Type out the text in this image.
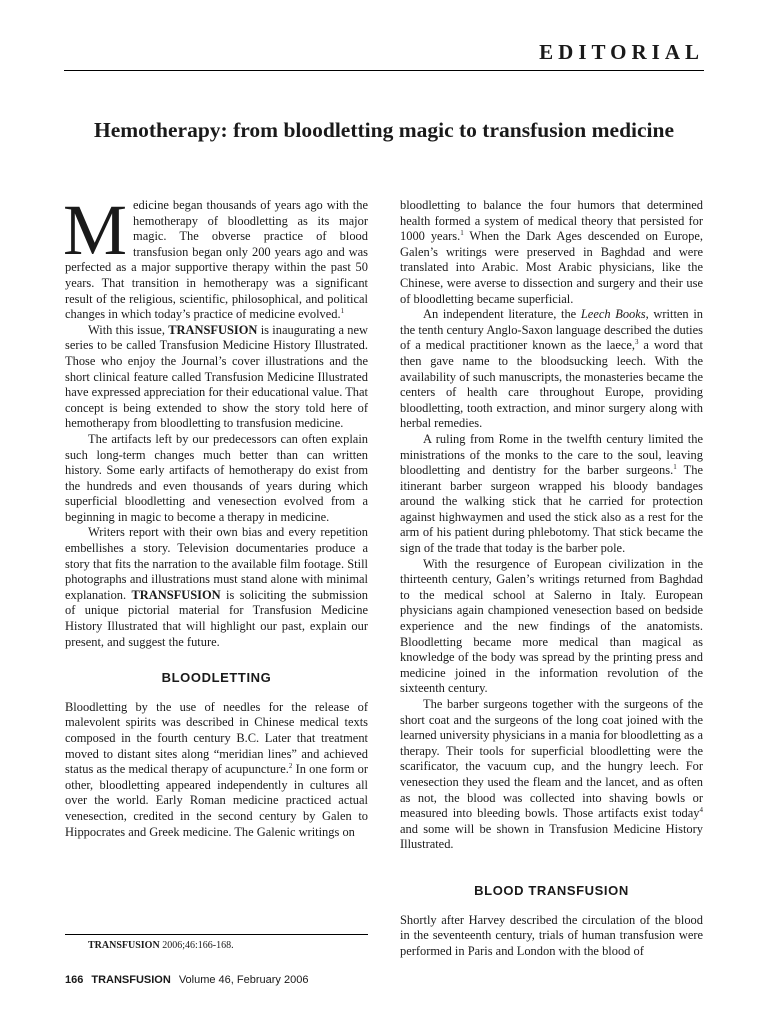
EDITORIAL
Hemotherapy: from bloodletting magic to transfusion medicine

Medicine began thousands of years ago with the hemotherapy of bloodletting as its major magic. The obverse practice of blood transfusion began only 200 years ago and was perfected as a major supportive therapy within the past 50 years. That transition in hemotherapy was a significant result of the religious, scientific, philosophical, and political changes in which today’s practice of medicine evolved.$^1$

With this issue, TRANSFUSION is inaugurating a new series to be called Transfusion Medicine History Illustrated. Those who enjoy the Journal’s cover illustrations and the short clinical feature called Transfusion Medicine Illustrated have expressed appreciation for their educational value. That concept is being extended to show the story told here of hemotherapy from bloodletting to transfusion medicine.

The artifacts left by our predecessors can often explain such long-term changes much better than can written history. Some early artifacts of hemotherapy do exist from the hundreds and even thousands of years during which superficial bloodletting and venesection evolved from a beginning in magic to become a therapy in medicine.

Writers report with their own bias and every repetition embellishes a story. Television documentaries produce a story that fits the narration to the available film footage. Still photographs and illustrations must stand alone with minimal explanation. TRANSFUSION is soliciting the submission of unique pictorial material for Transfusion Medicine History Illustrated that will highlight our past, explain our present, and suggest the future.

BLOODLETTING

Bloodletting by the use of needles for the release of malevolent spirits was described in Chinese medical texts composed in the fourth century B.C. Later that treatment moved to distant sites along “meridian lines” and achieved status as the medical therapy of acupuncture.$^2$ In one form or other, bloodletting appeared independently in cultures all over the world. Early Roman medicine practiced actual venesection, credited in the second century by Galen to Hippocrates and Greek medicine. The Galenic writings on

bloodletting to balance the four humors that determined health formed a system of medical theory that persisted for 1000 years.$^1$ When the Dark Ages descended on Europe, Galen’s writings were preserved in Baghdad and were translated into Arabic. Most Arabic physicians, like the Chinese, were averse to dissection and surgery and their use of bloodletting became superficial.

An independent literature, the Leech Books, written in the tenth century Anglo-Saxon language described the duties of a medical practitioner known as the laece,$^3$ a word that then gave name to the bloodsucking leech. With the availability of such manuscripts, the monasteries became the centers of health care throughout Europe, providing bloodletting, tooth extraction, and minor surgery along with herbal remedies.

A ruling from Rome in the twelfth century limited the ministrations of the monks to the care to the soul, leaving bloodletting and dentistry for the barber surgeons.$^1$ The itinerant barber surgeon wrapped his bloody bandages around the walking stick that he carried for protection against highwaymen and used the stick also as a rest for the arm of his patient during phlebotomy. That stick became the sign of the trade that today is the barber pole.

With the resurgence of European civilization in the thirteenth century, Galen’s writings returned from Baghdad to the medical school at Salerno in Italy. European physicians again championed venesection based on bedside experience and the new findings of the anatomists. Bloodletting became more medical than magical as knowledge of the body was spread by the printing press and medicine joined in the information revolution of the sixteenth century.

The barber surgeons together with the surgeons of the short coat and the surgeons of the long coat joined with the learned university physicians in a mania for bloodletting as a therapy. Their tools for superficial bloodletting were the scarificator, the vacuum cup, and the hungry leech. For venesection they used the fleam and the lancet, and as often as not, the blood was collected into shaving bowls or measured into bleeding bowls. Those artifacts exist today$^4$ and some will be shown in Transfusion Medicine History Illustrated.

BLOOD TRANSFUSION

Shortly after Harvey described the circulation of the blood in the seventeenth century, trials of human transfusion were performed in Paris and London with the blood of

TRANSFUSION 2006;46:166-168.
166 TRANSFUSION Volume 46, February 2006
